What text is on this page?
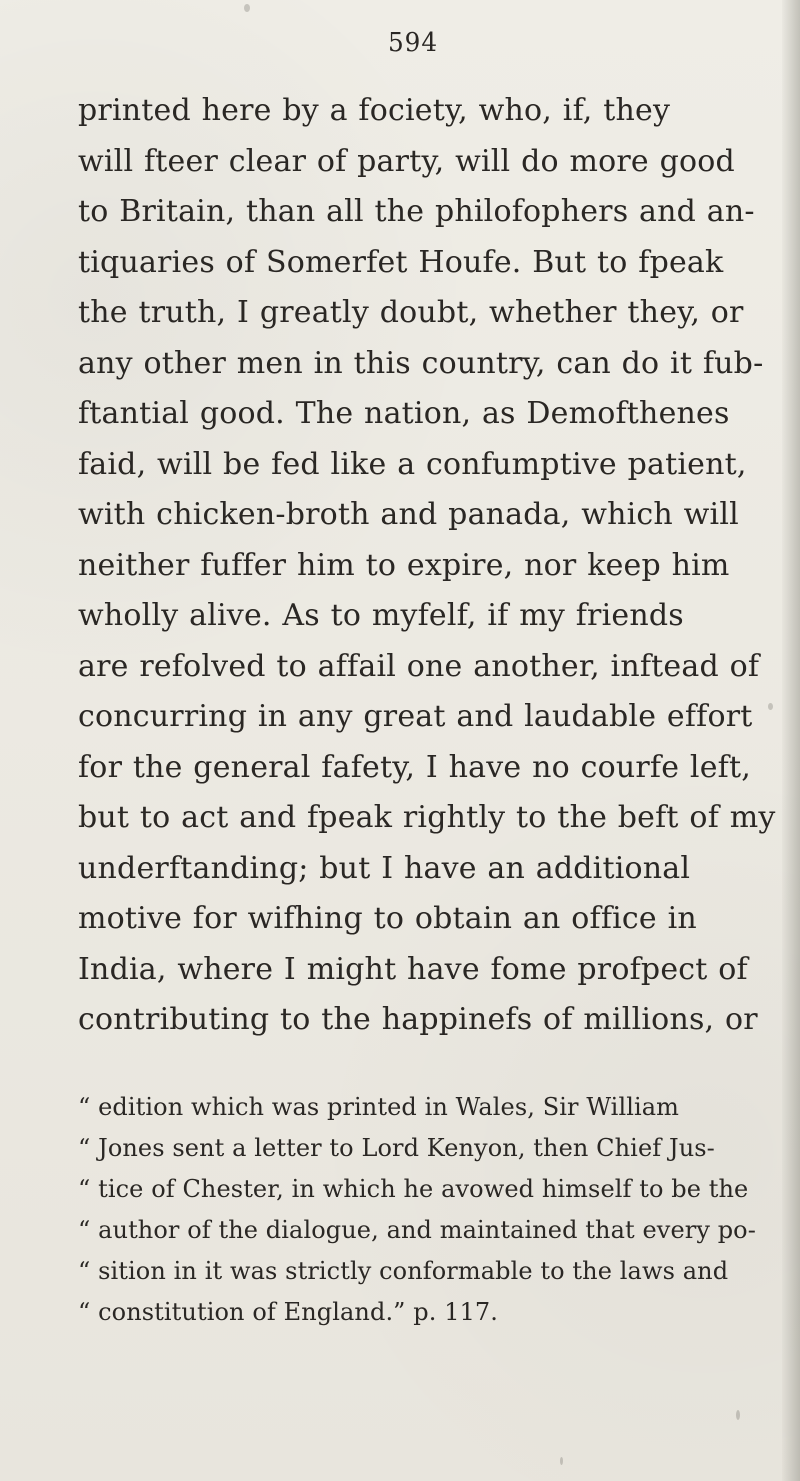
594

printed here by a fociety, who, if, they

will fteer clear of party, will do more good

to Britain, than all the philofophers and an-

tiquaries of Somerfet Houfe. But to fpeak

the truth, I greatly doubt, whether they, or

any other men in this country, can do it fub-

ftantial good. The nation, as Demofthenes

faid, will be fed like a confumptive patient,

with chicken-broth and panada, which will

neither fuffer him to expire, nor keep him

wholly alive. As to myfelf, if my friends

are refolved to affail one another, inftead of

concurring in any great and laudable effort

for the general fafety, I have no courfe left,

but to act and fpeak rightly to the beft of my

underftanding; but I have an additional

motive for wifhing to obtain an office in

India, where I might have fome profpect of

contributing to the happinefs of millions, or

“ edition which was printed in Wales, Sir William

“ Jones sent a letter to Lord Kenyon, then Chief Jus-

“ tice of Chester, in which he avowed himself to be the

“ author of the dialogue, and maintained that every po-

“ sition in it was strictly conformable to the laws and

“ constitution of England.” p. 117.
